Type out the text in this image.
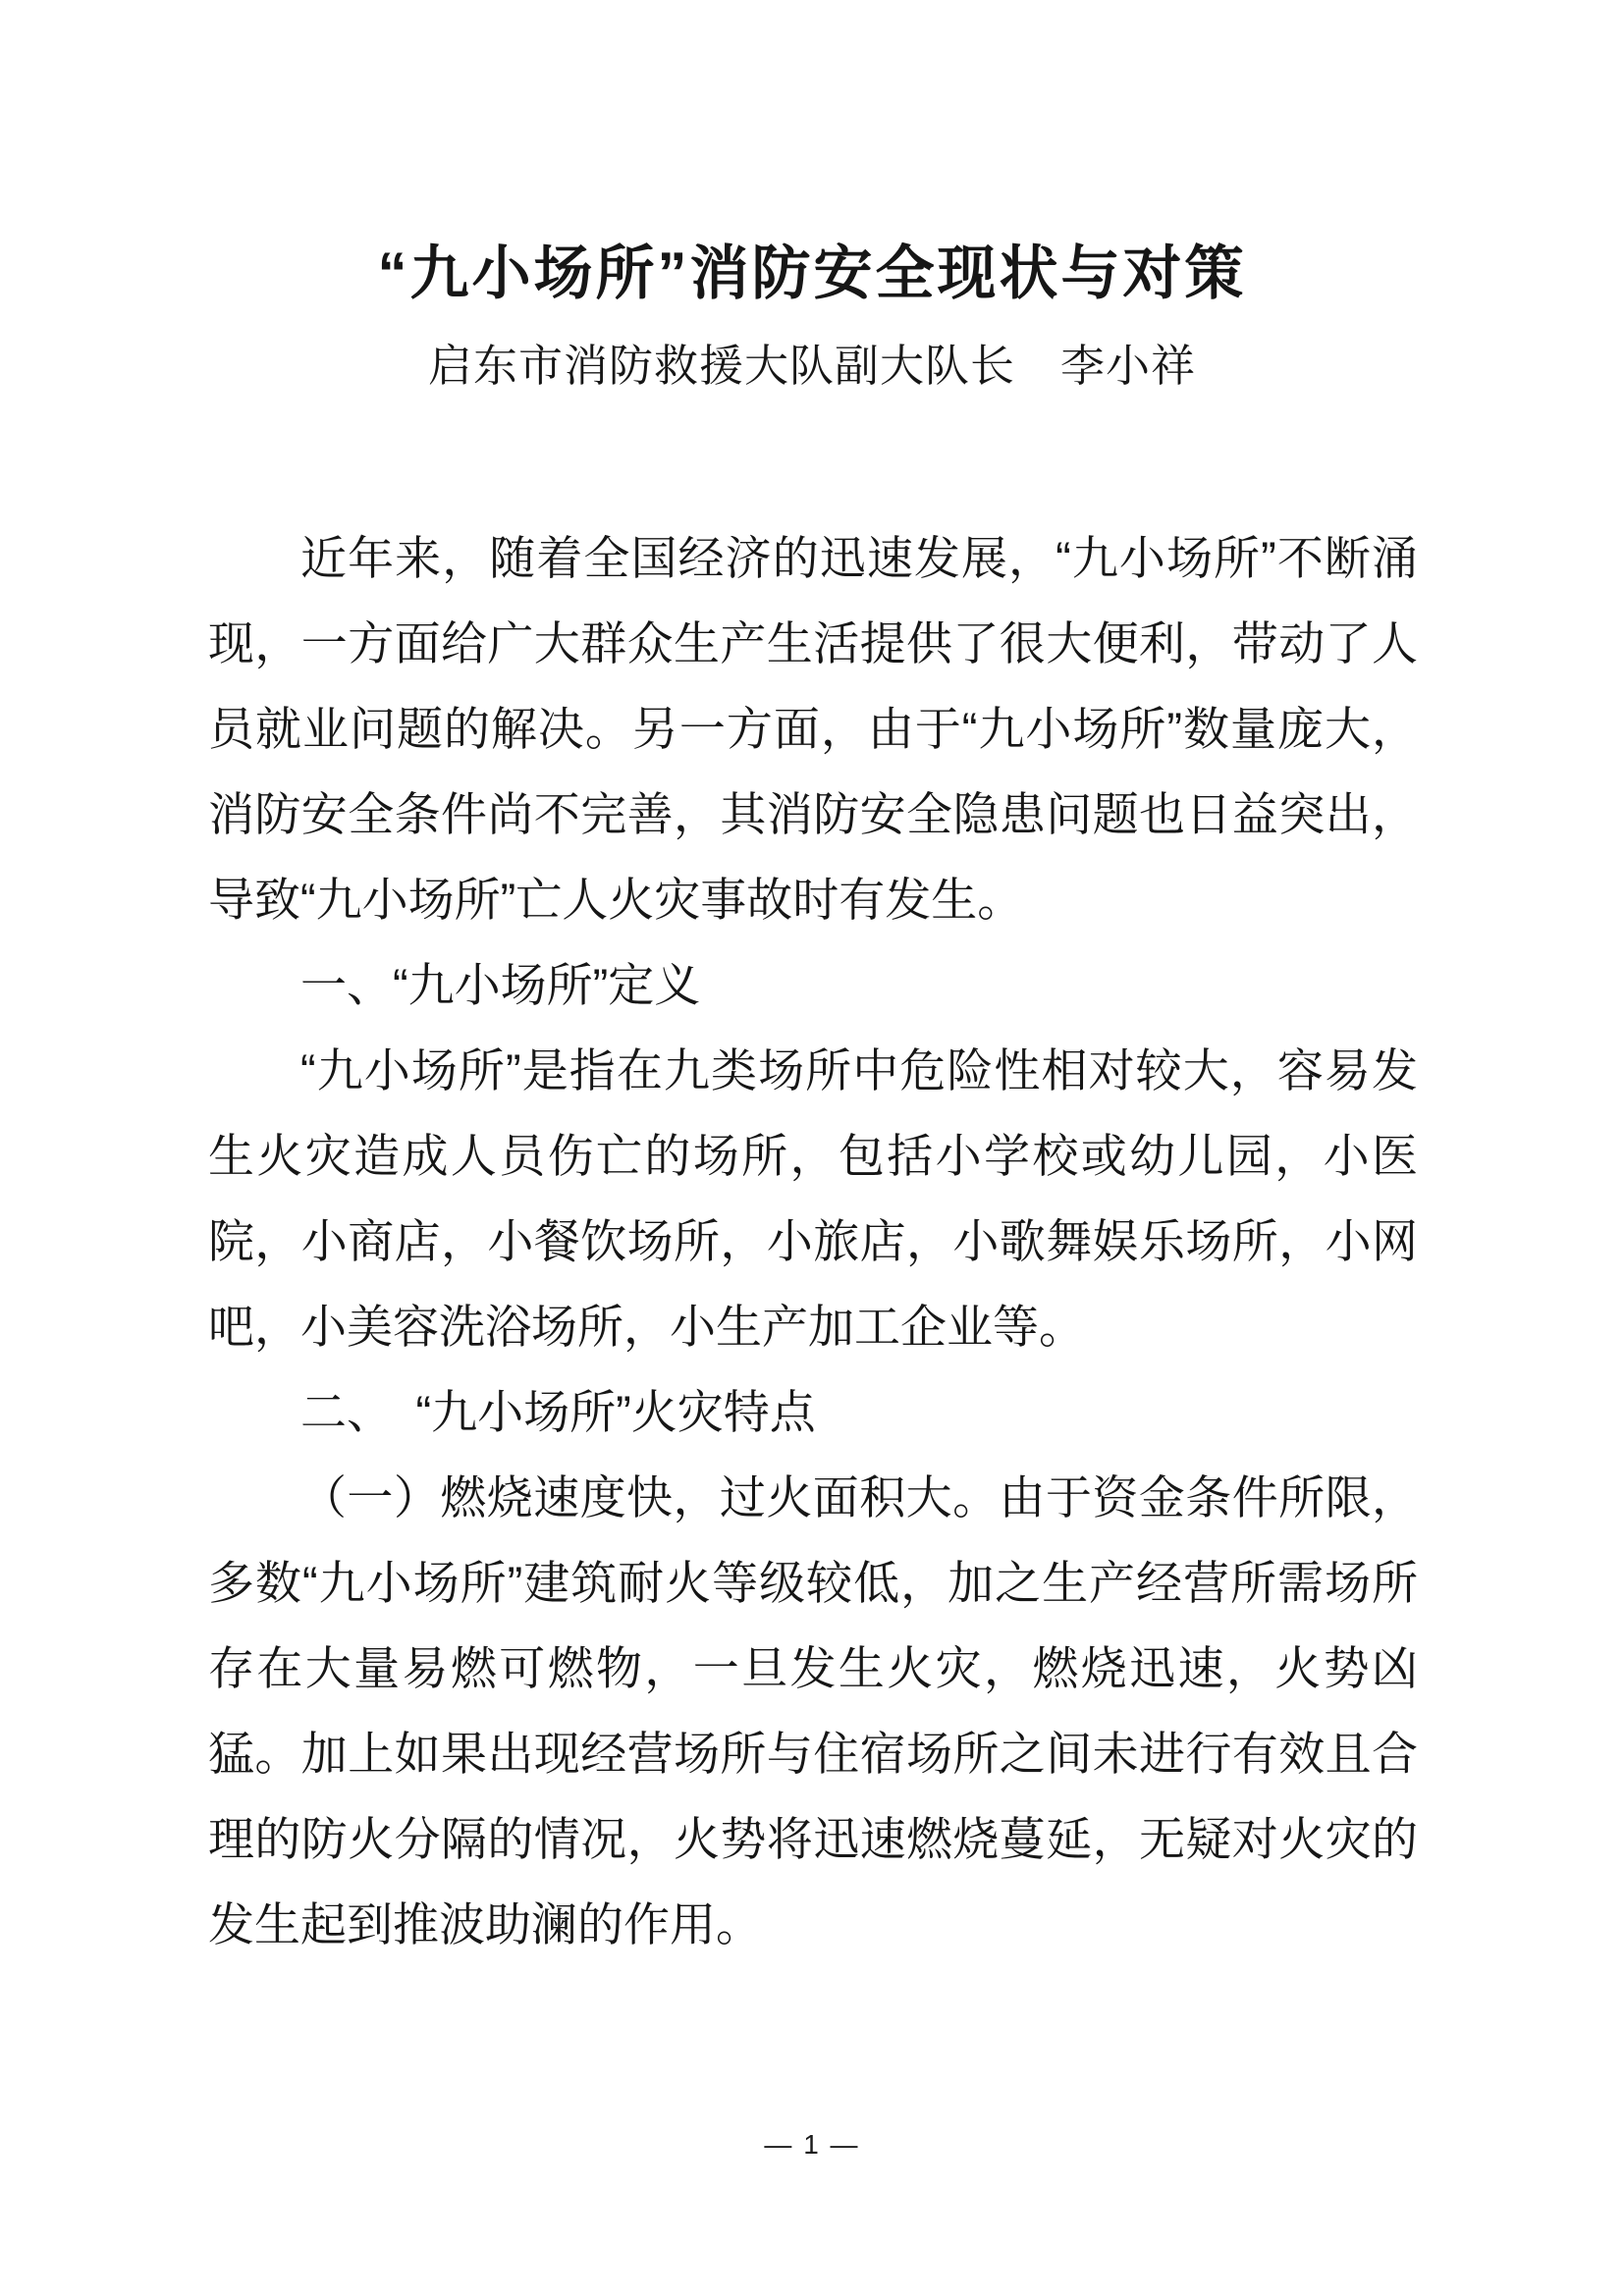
“九小场所”消防安全现状与对策
启东市消防救援大队副大队长　李小祥

近年来，随着全国经济的迅速发展，“九小场所”不断涌现，一方面给广大群众生产生活提供了很大便利，带动了人员就业问题的解决。另一方面，由于“九小场所”数量庞大，消防安全条件尚不完善，其消防安全隐患问题也日益突出，导致“九小场所”亡人火灾事故时有发生。

一、“九小场所”定义

“九小场所”是指在九类场所中危险性相对较大，容易发生火灾造成人员伤亡的场所，包括小学校或幼儿园，小医院，小商店，小餐饮场所，小旅店，小歌舞娱乐场所，小网吧，小美容洗浴场所，小生产加工企业等。

二、　“九小场所”火灾特点

（一）燃烧速度快，过火面积大。由于资金条件所限，多数“九小场所”建筑耐火等级较低，加之生产经营所需场所存在大量易燃可燃物，一旦发生火灾，燃烧迅速，火势凶猛。加上如果出现经营场所与住宿场所之间未进行有效且合理的防火分隔的情况，火势将迅速燃烧蔓延，无疑对火灾的发生起到推波助澜的作用。

— 1 —
